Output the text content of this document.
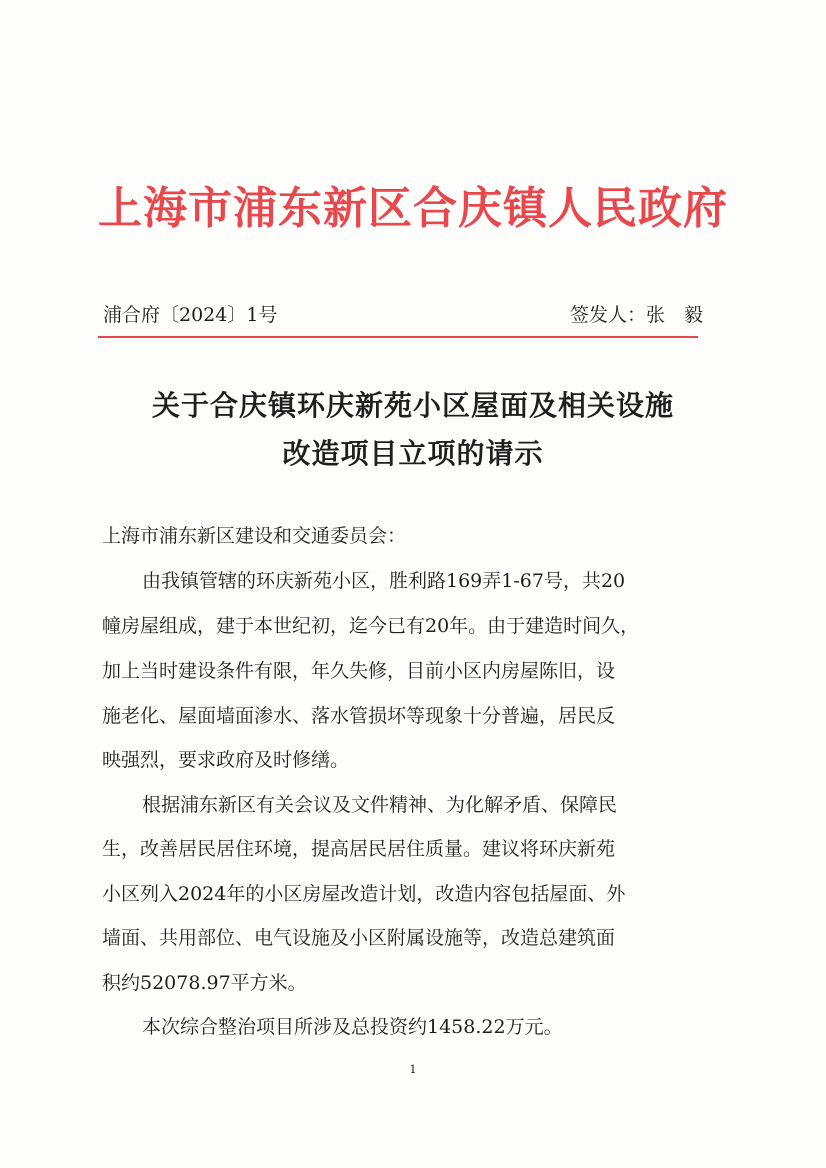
上海市浦东新区合庆镇人民政府
浦合府〔2024〕1号	签发人：张　毅
关于合庆镇环庆新苑小区屋面及相关设施
改造项目立项的请示
上海市浦东新区建设和交通委员会：
由我镇管辖的环庆新苑小区，胜利路169弄1-67号，共20
幢房屋组成，建于本世纪初，迄今已有20年。由于建造时间久，
加上当时建设条件有限，年久失修，目前小区内房屋陈旧，设
施老化、屋面墙面渗水、落水管损坏等现象十分普遍，居民反
映强烈，要求政府及时修缮。
根据浦东新区有关会议及文件精神、为化解矛盾、保障民
生，改善居民居住环境，提高居民居住质量。建议将环庆新苑
小区列入2024年的小区房屋改造计划，改造内容包括屋面、外
墙面、共用部位、电气设施及小区附属设施等，改造总建筑面
积约52078.97平方米。
本次综合整治项目所涉及总投资约1458.22万元。
1
